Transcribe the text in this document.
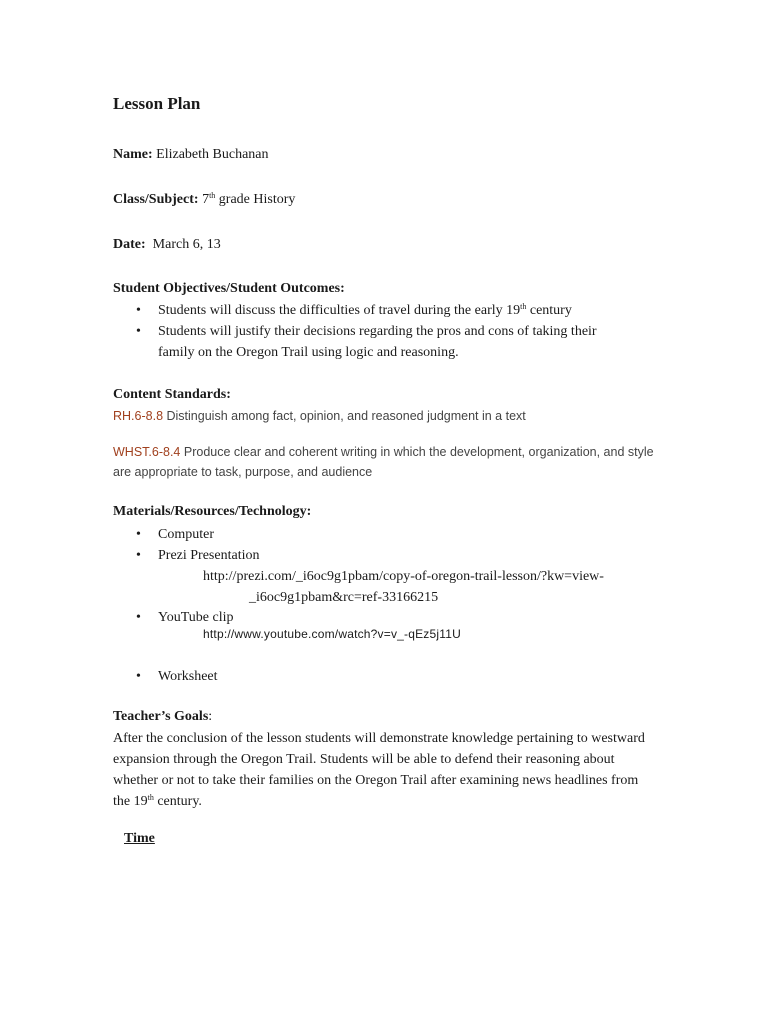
Lesson Plan
Name: Elizabeth Buchanan
Class/Subject: 7th grade History
Date: March 6, 13
Student Objectives/Student Outcomes:
• Students will discuss the difficulties of travel during the early 19th century
• Students will justify their decisions regarding the pros and cons of taking their
family on the Oregon Trail using logic and reasoning.
Content Standards:
RH.6-8.8 Distinguish among fact, opinion, and reasoned judgment in a text
WHST.6-8.4 Produce clear and coherent writing in which the development, organization, and style are appropriate to task, purpose, and audience
Materials/Resources/Technology:
• Computer
• Prezi Presentation
http://prezi.com/_i6oc9g1pbam/copy-of-oregon-trail-lesson/?kw=view-
_i6oc9g1pbam&rc=ref-33166215
• YouTube clip
http://www.youtube.com/watch?v=v_-qEz5j11U
• Worksheet
Teacher’s Goals:
After the conclusion of the lesson students will demonstrate knowledge pertaining to westward expansion through the Oregon Trail. Students will be able to defend their reasoning about whether or not to take their families on the Oregon Trail after examining news headlines from the 19th century.
Time
